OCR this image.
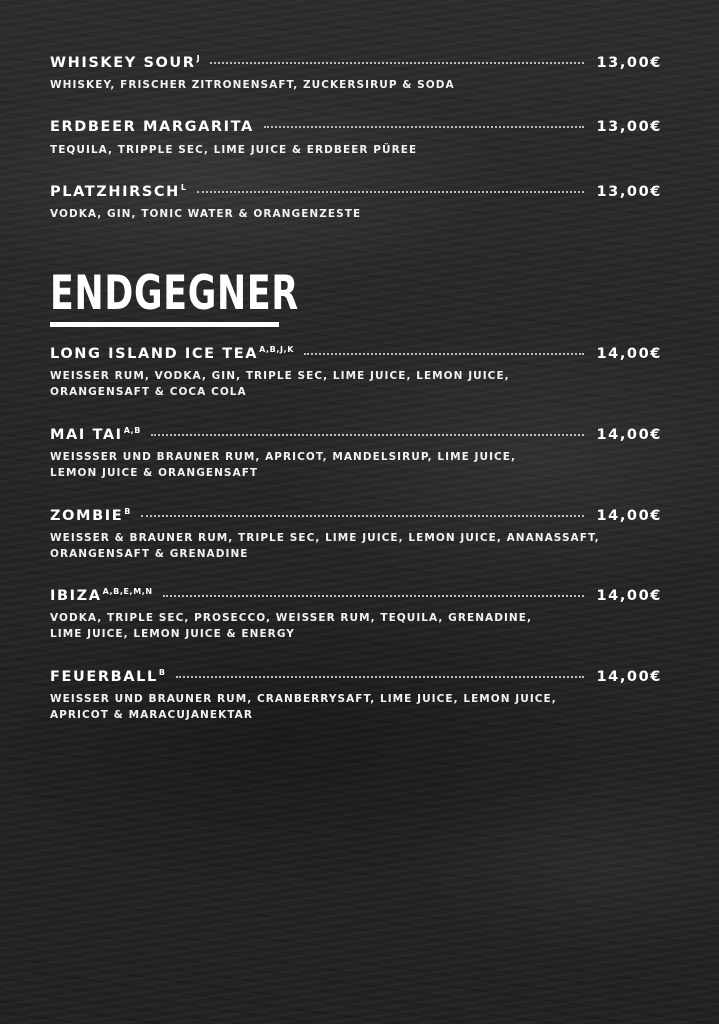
WHISKEY $SOUR^J$	13,00€
WHISKEY, FRISCHER ZITRONENSAFT, ZUCKERSIRUP & SODA
ERDBEER MARGARITA	13,00€
TEQUILA, TRIPPLE SEC, LIME JUICE & ERDBEER PÜREE
$PLATZHIRSCH^L$	13,00€
VODKA, GIN, TONIC WATER & ORANGENZESTE
ENDGEGNER
LONG ISLAND ICE $TEA^{A,B,J,K}$	14,00€
WEISSER RUM, VODKA, GIN, TRIPLE SEC, LIME JUICE, LEMON JUICE,
ORANGENSAFT & COCA COLA
MAI $TAI^{A,B}$	14,00€
WEISSSER UND BRAUNER RUM, APRICOT, MANDELSIRUP, LIME JUICE,
LEMON JUICE & ORANGENSAFT
$ZOMBIE^B$	14,00€
WEISSER & BRAUNER RUM, TRIPLE SEC, LIME JUICE, LEMON JUICE, ANANASSAFT,
ORANGENSAFT & GRENADINE
$IBIZA^{A,B,E,M,N}$	14,00€
VODKA, TRIPLE SEC, PROSECCO, WEISSER RUM, TEQUILA, GRENADINE,
LIME JUICE, LEMON JUICE & ENERGY
$FEUERBALL^B$	14,00€
WEISSER UND BRAUNER RUM, CRANBERRYSAFT, LIME JUICE, LEMON JUICE,
APRICOT & MARACUJANEKTAR
